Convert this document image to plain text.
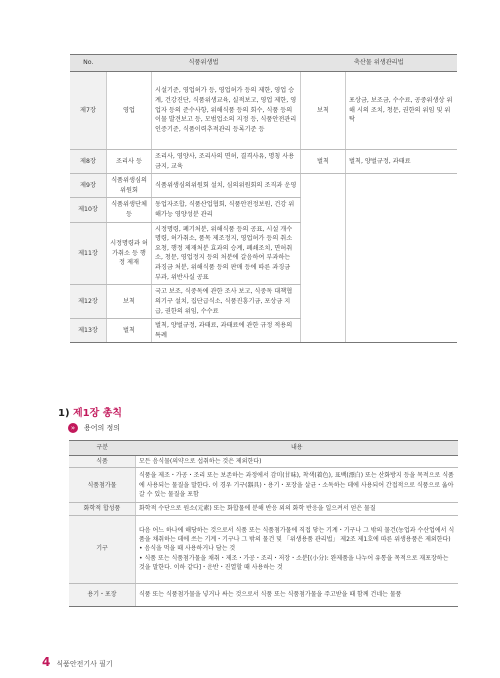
No.	식품위생법		축산물 위생관리법	
제7장	영업	시설기준, 영업허가 등, 영업허가 등의 제한, 영업 승계, 건강진단, 식품위생교육, 실적보고, 영업 제한, 영업자 등의 준수사항, 위해식품 등의 회수, 식품 등의 이물 발견보고 등, 모범업소의 지정 등, 식품안전관리인증기준, 식품이력추적관리 등록기준 등	보칙	포상금, 보조금, 수수료, 공중위생상 위해 시의 조치, 청문, 권한의 위임 및 위탁
제8장	조리사 등	조리사, 영양사, 조리사의 면허, 결격사유, 명칭 사용 금지, 교육	벌칙	벌칙, 양벌규정, 과태료
제9장	식품위생심의위원회	식품위생심의위원회 설치, 심의위원회의 조직과 운영		
제10장	식품위생단체 등	동업자조합, 식품산업협회, 식품안전정보원, 건강 위해가능 영양성분 관리		
제11장	시정명령과 허가취소 등 행정 제재	시정명령, 폐기처분, 위해식품 등의 공표, 시설 개수명령, 허가취소, 품목 제조정지, 영업허가 등의 취소 요청, 행정 제재처분 효과의 승계, 폐쇄조치, 면허취소, 청문, 영업정지 등의 처분에 갈음하여 부과하는 과징금 처분, 위해식품 등의 판매 등에 따른 과징금 부과, 위반사실 공표		
제12장	보칙	국고 보조, 식중독에 관한 조사 보고, 식중독 대책협의기구 설치, 집단급식소, 식품진흥기금, 포상금 지급, 권한의 위임, 수수료		
제13장	벌칙	벌칙, 양벌규정, 과태료, 과태료에 관한 규정 적용의 특례		
1) 제1장 총칙
»	용어의 정의
구분	내용
식품	모든 음식물(의약으로 섭취하는 것은 제외한다)
식품첨가물	식품을 제조・가공・조리 또는 보존하는 과정에서 감미(甘味), 착색(着色), 표백(漂白) 또는 산화방지 등을 목적으로 식품에 사용되는 물질을 말한다. 이 경우 기구(器具)・용기・포장을 살균・소독하는 데에 사용되어 간접적으로 식품으로 옮아갈 수 있는 물질을 포함
화학적 합성품	화학적 수단으로 원소(元素) 또는 화합물에 분해 반응 외의 화학 반응을 일으켜서 얻은 물질
기구	다음 어느 하나에 해당하는 것으로서 식품 또는 식품첨가물에 직접 닿는 기계・기구나 그 밖의 물건(농업과 수산업에서 식품을 채취하는 데에 쓰는 기계・기구나 그 밖의 물건 및 「위생용품 관리법」 제2조 제1호에 따른 위생용품은 제외한다)
• 음식을 먹을 때 사용하거나 담는 것
• 식품 또는 식품첨가물을 채취・제조・가공・조리・저장・소분[(小分): 완제품을 나누어 유통을 목적으로 재포장하는 것을 말한다. 이하 같다]・운반・진열할 때 사용하는 것
용기・포장	식품 또는 식품첨가물을 넣거나 싸는 것으로서 식품 또는 식품첨가물을 주고받을 때 함께 건네는 물품
4 식품안전기사 필기
